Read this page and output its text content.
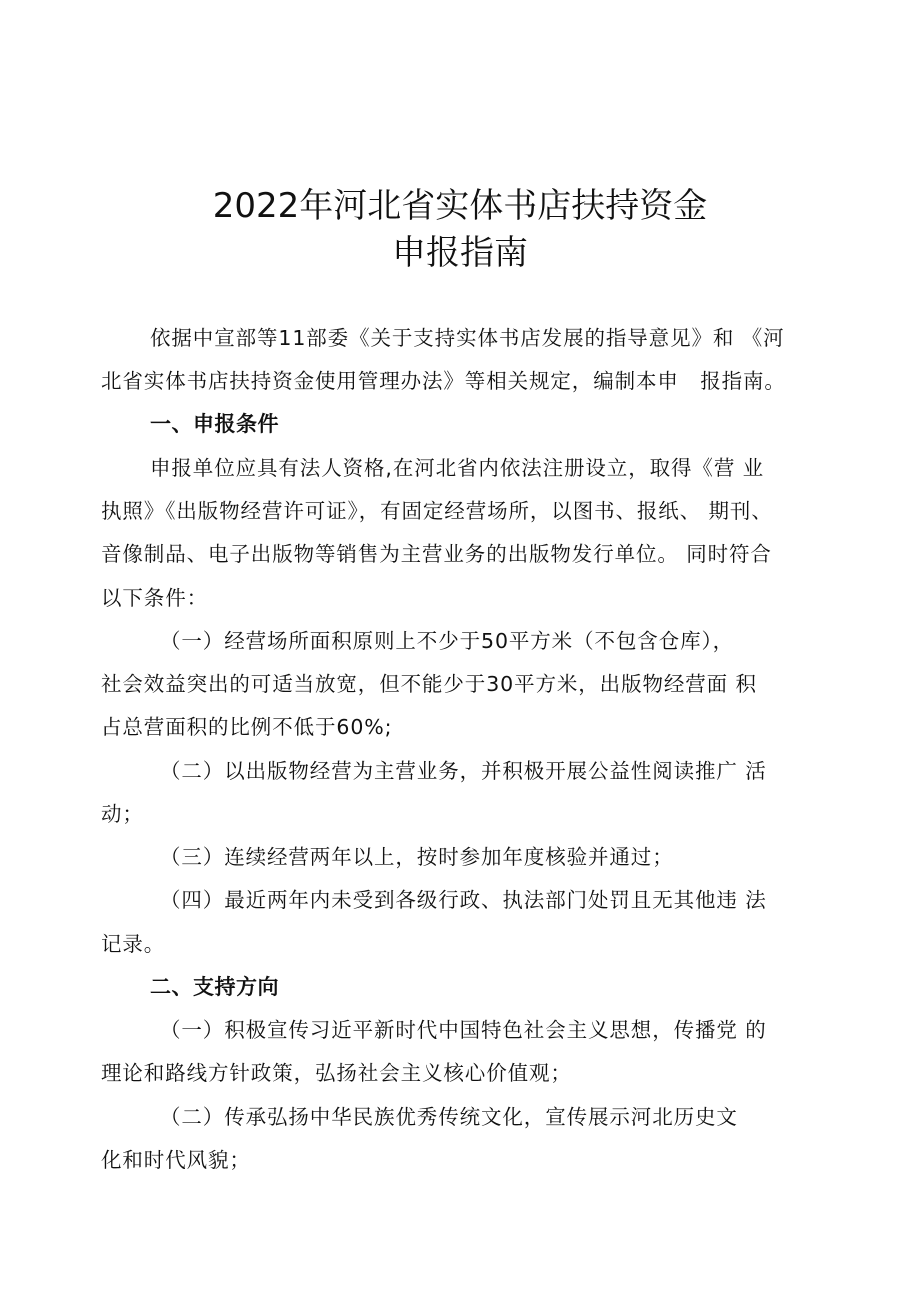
2022年河北省实体书店扶持资金
申报指南
依据中宣部等11部委《关于支持实体书店发展的指导意见》和 《河
北省实体书店扶持资金使用管理办法》等相关规定，编制本申　报指南。
一、申报条件
申报单位应具有法人资格,在河北省内依法注册设立，取得《营 业
执照》《出版物经营许可证》，有固定经营场所，以图书、报纸、 期刊、
音像制品、电子出版物等销售为主营业务的出版物发行单位。 同时符合
以下条件：
（一）经营场所面积原则上不少于50平方米（不包含仓库），
社会效益突出的可适当放宽，但不能少于30平方米，出版物经营面 积
占总营面积的比例不低于60%;
（二）以出版物经营为主营业务，并积极开展公益性阅读推广 活
动；
（三）连续经营两年以上，按时参加年度核验并通过；
（四）最近两年内未受到各级行政、执法部门处罚且无其他违 法
记录。
二、支持方向
（一）积极宣传习近平新时代中国特色社会主义思想，传播党 的
理论和路线方针政策，弘扬社会主义核心价值观；
（二）传承弘扬中华民族优秀传统文化，宣传展示河北历史文
化和时代风貌；
